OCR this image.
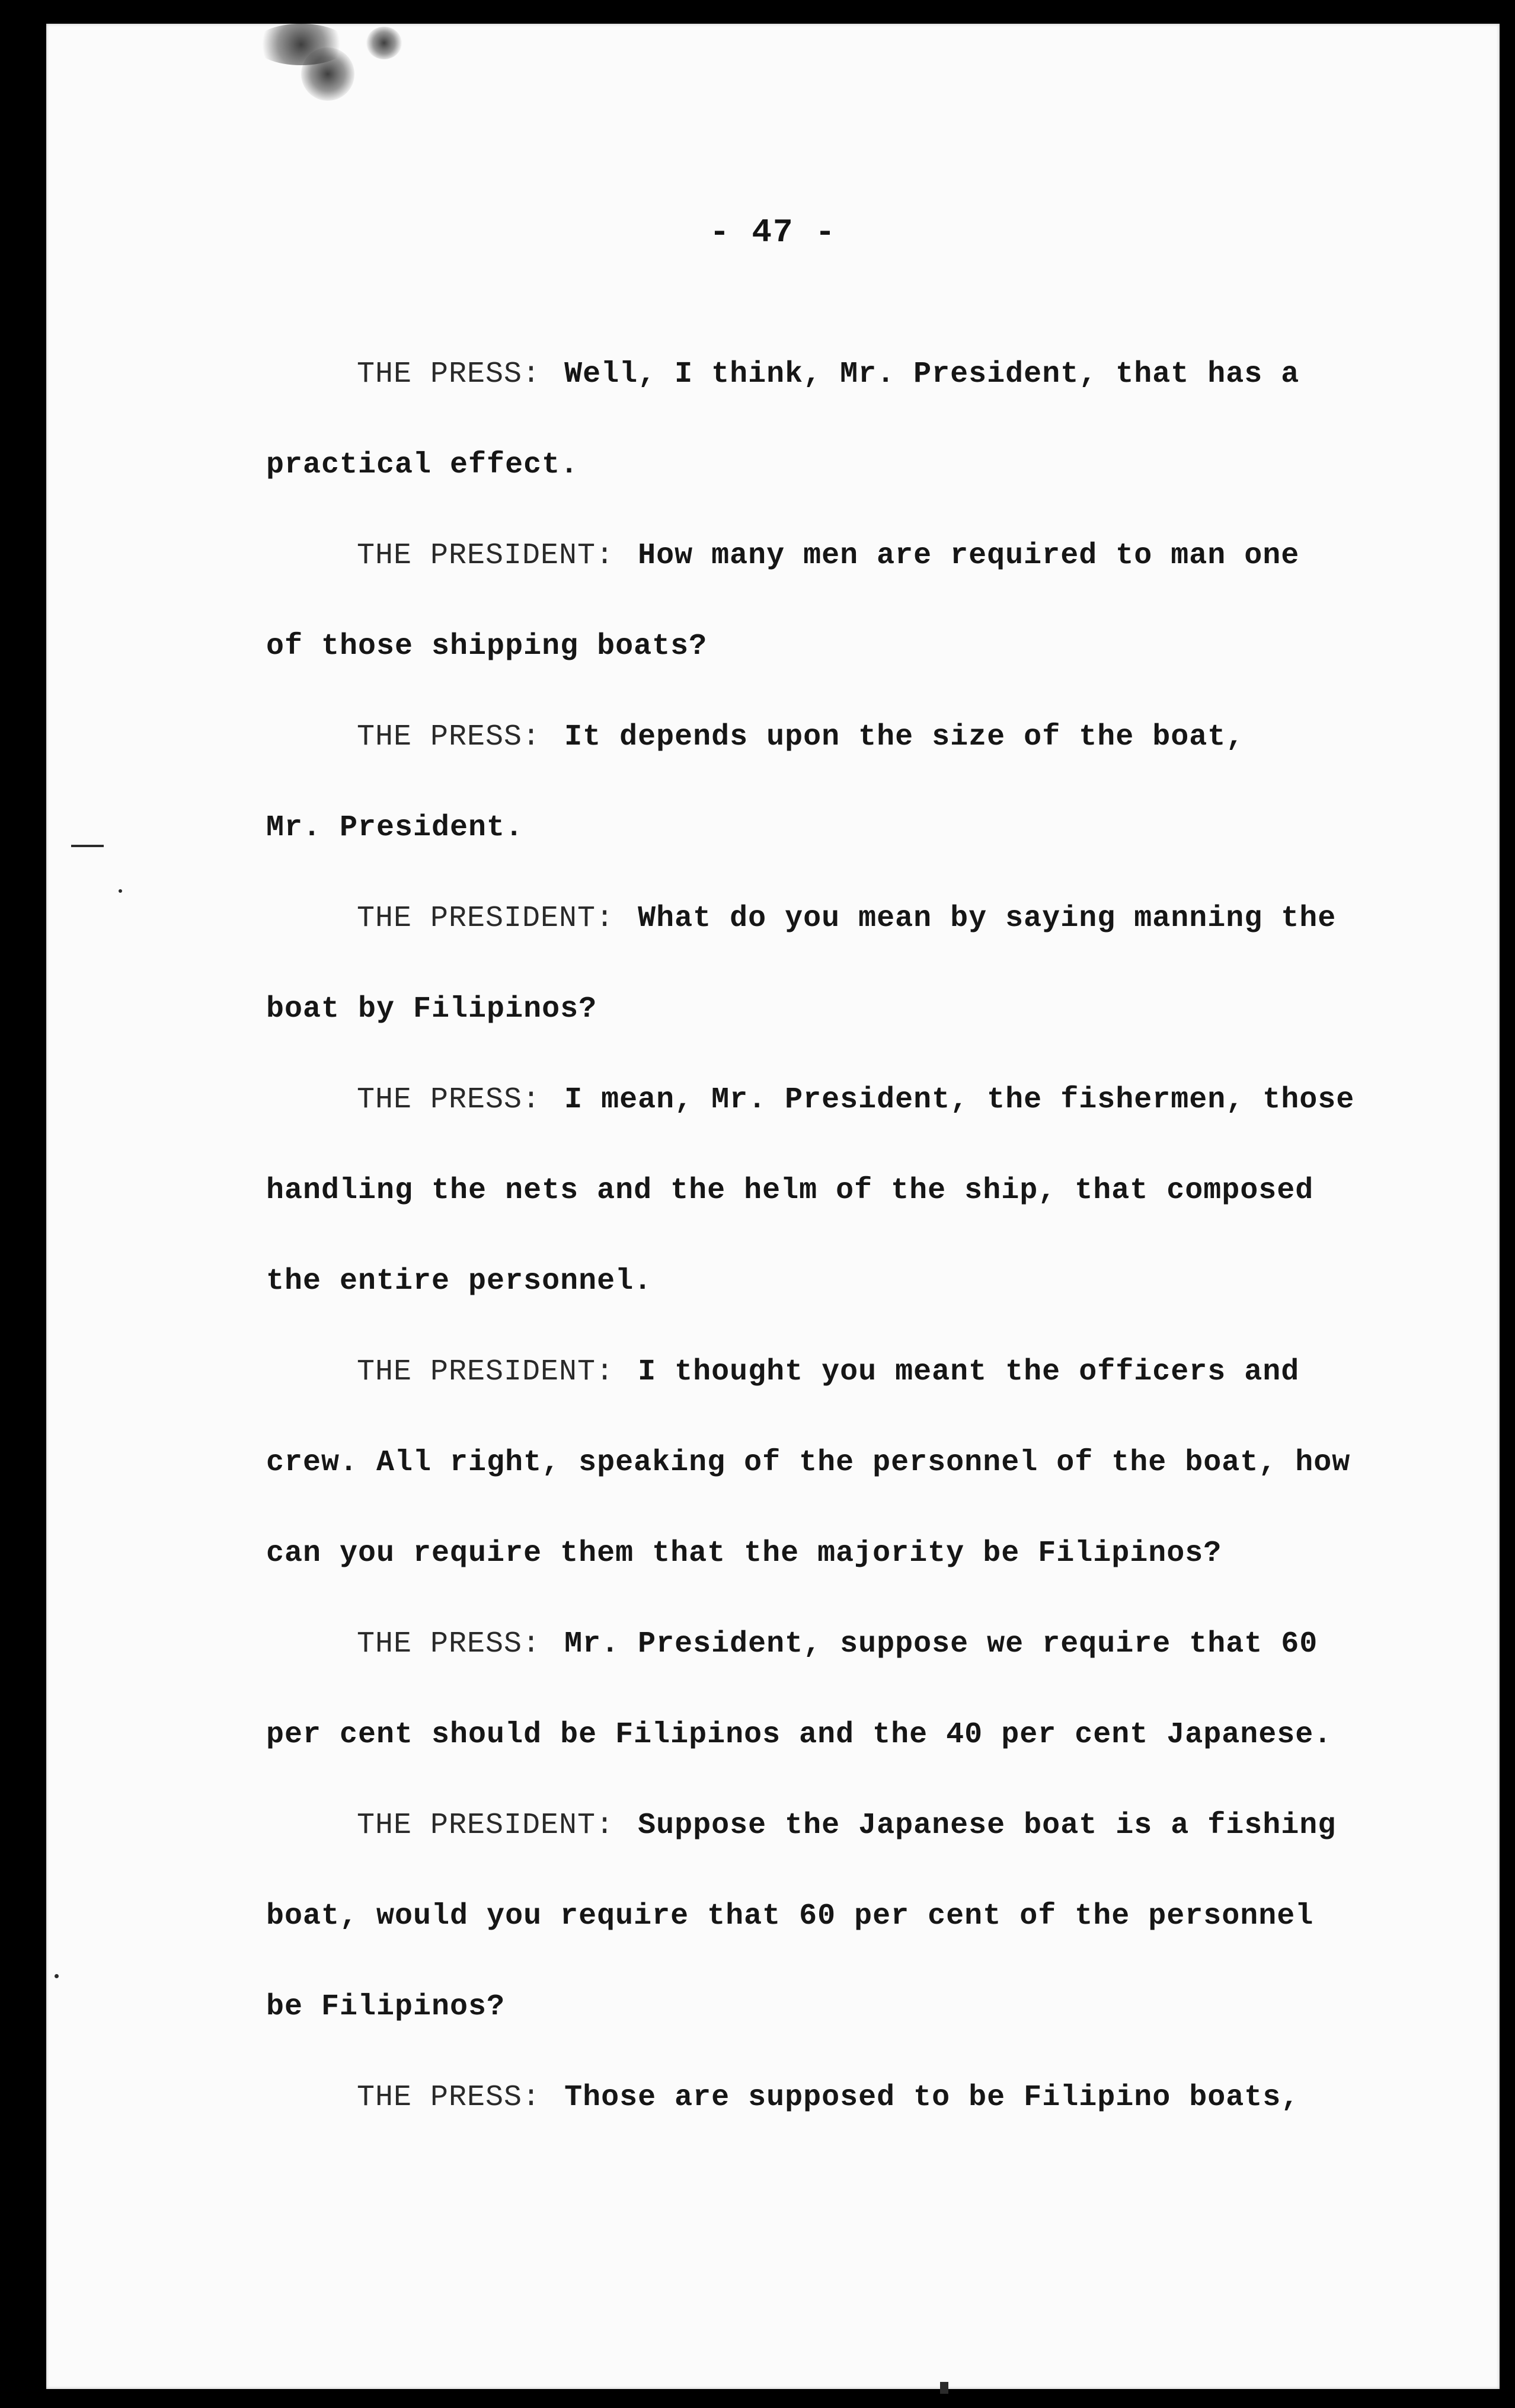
- 47 -
THE PRESS: Well, I think, Mr. President, that has a
practical effect.
THE PRESIDENT: How many men are required to man one
of those shipping boats?
THE PRESS: It depends upon the size of the boat,
Mr. President.
THE PRESIDENT: What do you mean by saying manning the
boat by Filipinos?
THE PRESS: I mean, Mr. President, the fishermen, those
handling the nets and the helm of the ship, that composed
the entire personnel.
THE PRESIDENT: I thought you meant the officers and
crew. All right, speaking of the personnel of the boat, how
can you require them that the majority be Filipinos?
THE PRESS: Mr. President, suppose we require that 60
per cent should be Filipinos and the 40 per cent Japanese.
THE PRESIDENT: Suppose the Japanese boat is a fishing
boat, would you require that 60 per cent of the personnel
be Filipinos?
THE PRESS: Those are supposed to be Filipino boats,
